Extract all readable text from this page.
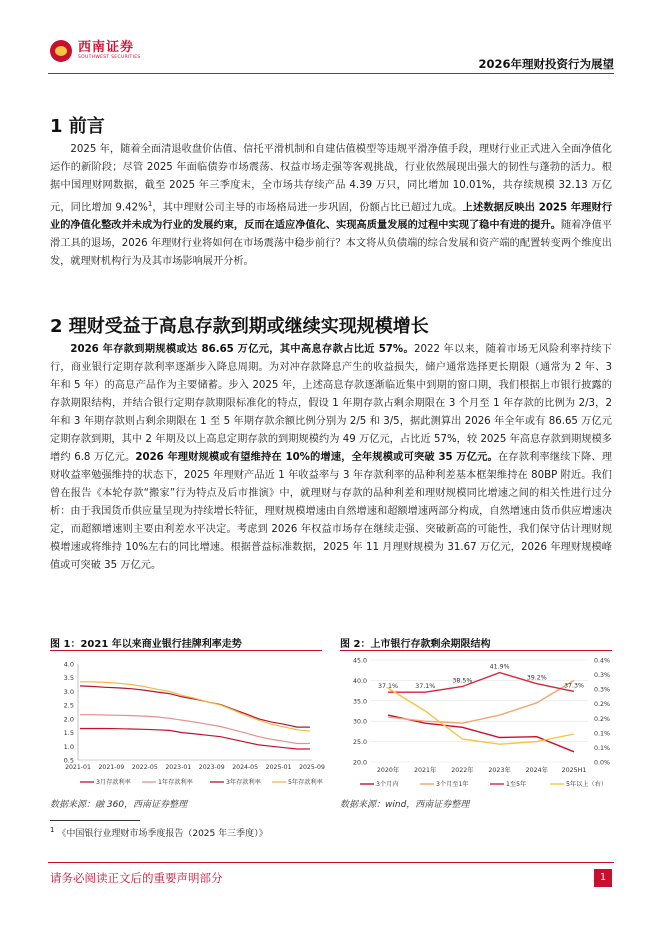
西南证券
SOUTHWEST SECURITIES	2026年理财投资行为展望
1 前言

2025 年，随着全面清退收盘价估值、信托平滑机制和自建估值模型等违规平滑净值手段，理财行业正式进入全面净值化运作的新阶段；尽管 2025 年面临债券市场震荡、权益市场走强等客观挑战，行业依然展现出强大的韧性与蓬勃的活力。根据中国理财网数据，截至 2025 年三季度末，全市场共存续产品 4.39 万只，同比增加 10.01%，共存续规模 32.13 万亿元，同比增加 9.42%$^1$，其中理财公司主导的市场格局进一步巩固，份额占比已超过九成。上述数据反映出 2025 年理财行业的净值化整改并未成为行业的发展约束，反而在适应净值化、实现高质量发展的过程中实现了稳中有进的提升。随着净值平滑工具的退场，2026 年理财行业将如何在市场震荡中稳步前行？本文将从负债端的综合发展和资产端的配置转变两个维度出发，就理财机构行为及其市场影响展开分析。

2 理财受益于高息存款到期或继续实现规模增长

2026 年存款到期规模或达 86.65 万亿元，其中高息存款占比近 57%。2022 年以来，随着市场无风险利率持续下行，商业银行定期存款利率逐渐步入降息周期。为对冲存款降息产生的收益损失，储户通常选择更长期限（通常为 2 年、3 年和 5 年）的高息产品作为主要储蓄。步入 2025 年，上述高息存款逐渐临近集中到期的窗口期，我们根据上市银行披露的存款期限结构，并结合银行定期存款期限标准化的特点，假设 1 年期存款占剩余期限在 3 个月至 1 年存款的比例为 2/3，2 年和 3 年期存款则占剩余期限在 1 至 5 年期存款余额比例分别为 2/5 和 3/5，据此测算出 2026 年全年或有 86.65 万亿元定期存款到期，其中 2 年期及以上高息定期存款的到期规模约为 49 万亿元，占比近 57%，较 2025 年高息存款到期规模多增约 6.8 万亿元。2026 年理财规模或有望维持在 10%的增速，全年规模或可突破 35 万亿元。在存款利率继续下降、理财收益率勉强维持的状态下，2025 年理财产品近 1 年收益率与 3 年存款利率的品种利差基本框架维持在 80BP 附近。我们曾在报告《本轮存款“搬家”行为特点及后市推演》中，就理财与存款的品种利差和理财规模同比增速之间的相关性进行过分析：由于我国货币供应量呈现为持续增长特征，理财规模增速由自然增速和超额增速两部分构成，自然增速由货币供应增速决定，而超额增速则主要由利差水平决定。考虑到 2026 年权益市场存在继续走强、突破新高的可能性，我们保守估计理财规模增速或将维持 10%左右的同比增速。根据普益标准数据，2025 年 11 月理财规模为 31.67 万亿元，2026 年理财规模峰值或可突破 35 万亿元。

图 1：2021 年以来商业银行挂牌利率走势
4.0
3.5
3.0
2.5
2.0
1.5
1.0
0.5
2021-01 2021-09 2022-05 2023-01 2023-09 2024-05 2025-01 2025-09
3月存款利率	1年存款利率	3年存款利率	5年存款利率
数据来源：融 360，西南证券整理
图 2：上市银行存款剩余期限结构
45.0
40.0
35.0
30.0
25.0
20.0
0.4%
0.3%
0.3%
0.2%
0.2%
0.1%
0.1%
0.0%
2020年 2021年 2022年 2023年 2024年 2025H1
37.1%	37.1%
38.5%
41.9%
39.2%
37.3%
3个月内	3个月至1年	1至5年	5年以上（右）
数据来源：wind，西南证券整理
$^1$ 《中国银行业理财市场季度报告（2025 年三季度）》
请务必阅读正文后的重要声明部分	1
